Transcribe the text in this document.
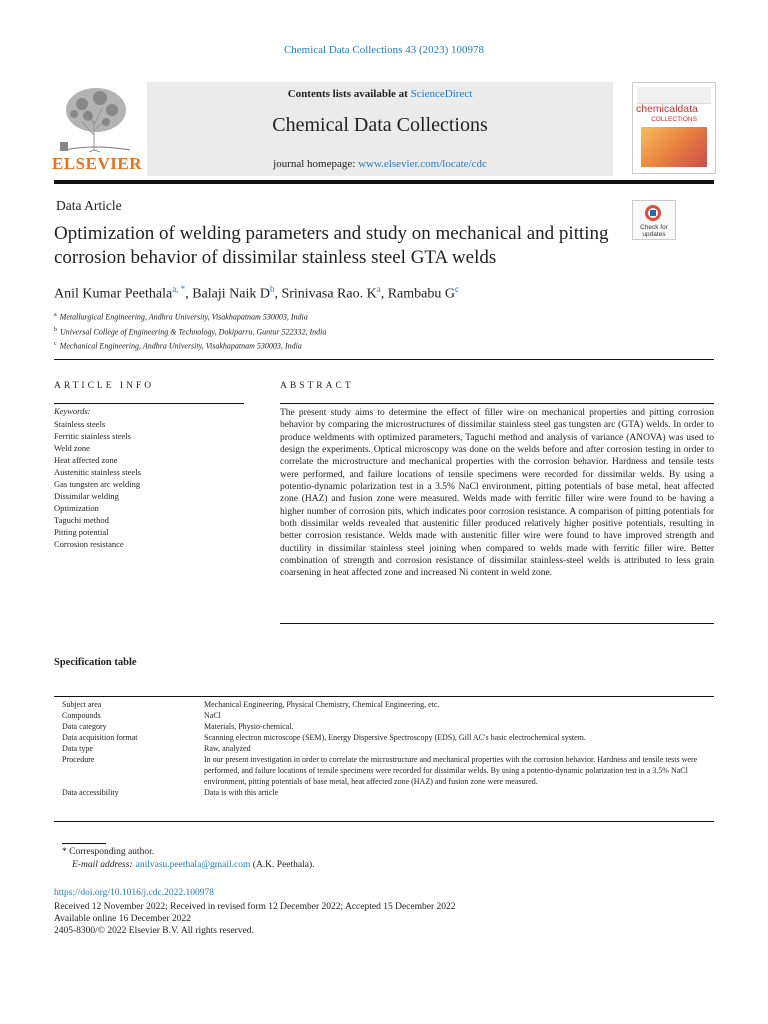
Chemical Data Collections 43 (2023) 100978
ELSEVIER
Contents lists available at ScienceDirect
Chemical Data Collections
journal homepage: www.elsevier.com/locate/cdc
chemicaldata
COLLECTIONS
Data Article
Check for
updates
Optimization of welding parameters and study on mechanical and pitting corrosion behavior of dissimilar stainless steel GTA welds
Anil Kumar Peethala$^{a, *}$, Balaji Naik $D^b$, Srinivasa Rao. $K^a$, Rambabu $G^c$
$^a$ Metallurgical Engineering, Andhra University, Visakhapatnam 530003, India
$^b$ Universal College of Engineering & Technology, Dokiparru, Guntur 522332, India
$^c$ Mechanical Engineering, Andhra University, Visakhapatnam 530003, India
ARTICLE INFO
Keywords:
Stainless steels
Ferritic stainless steels
Weld zone
Heat affected zone
Austenitic stainless steels
Gas tungsten arc welding
Dissimilar welding
Optimization
Taguchi method
Pitting potential
Corrosion resistance
ABSTRACT
The present study aims to determine the effect of filler wire on mechanical properties and pitting corrosion behavior by comparing the microstructures of dissimilar stainless steel gas tungsten arc (GTA) welds. In order to produce weldments with optimized parameters, Taguchi method and analysis of variance (ANOVA) was used to design the experiments. Optical microscopy was done on the welds before and after corrosion testing in order to correlate the microstructure and mechanical properties with the corrosion behavior. Hardness and tensile tests were performed, and failure locations of tensile specimens were recorded for dissimilar welds. By using a potentio-dynamic polarization test in a 3.5% NaCl environment, pitting potentials of base metal, heat affected zone (HAZ) and fusion zone were measured. Welds made with ferritic filler wire were found to be having a higher number of corrosion pits, which indicates poor corrosion resistance. A comparison of pitting potentials for both dissimilar welds revealed that austenitic filler produced relatively higher positive potentials, resulting in better corrosion resistance. Welds made with austenitic filler wire were found to have improved strength and ductility in dissimilar stainless steel joining when compared to welds made with ferritic filler wire. Better combination of strength and corrosion resistance of dissimilar stainless-steel welds is attributed to less grain coarsening in heat affected zone and increased Ni content in weld zone.
Specification table
Subject area	Mechanical Engineering, Physical Chemistry, Chemical Engineering, etc.
Compounds	NaCl
Data category	Materials, Physio-chemical.
Data acquisition format	Scanning electron microscope (SEM), Energy Dispersive Spectroscopy (EDS), Gill AC's basic electrochemical system.
Data type	Raw, analyzed
Procedure	In our present investigation in order to correlate the microstructure and mechanical properties with the corrosion behavior. Hardness and tensile tests were performed, and failure locations of tensile specimens were recorded for dissimilar welds. By using a potentio-dynamic polarization test in a 3.5% NaCl environment, pitting potentials of base metal, heat affected zone (HAZ) and fusion zone were measured.
Data accessibility	Data is with this article
* Corresponding author.
E-mail address: anilvasu.peethala@gmail.com (A.K. Peethala).
https://doi.org/10.1016/j.cdc.2022.100978
Received 12 November 2022; Received in revised form 12 December 2022; Accepted 15 December 2022
Available online 16 December 2022
2405-8300/© 2022 Elsevier B.V. All rights reserved.
